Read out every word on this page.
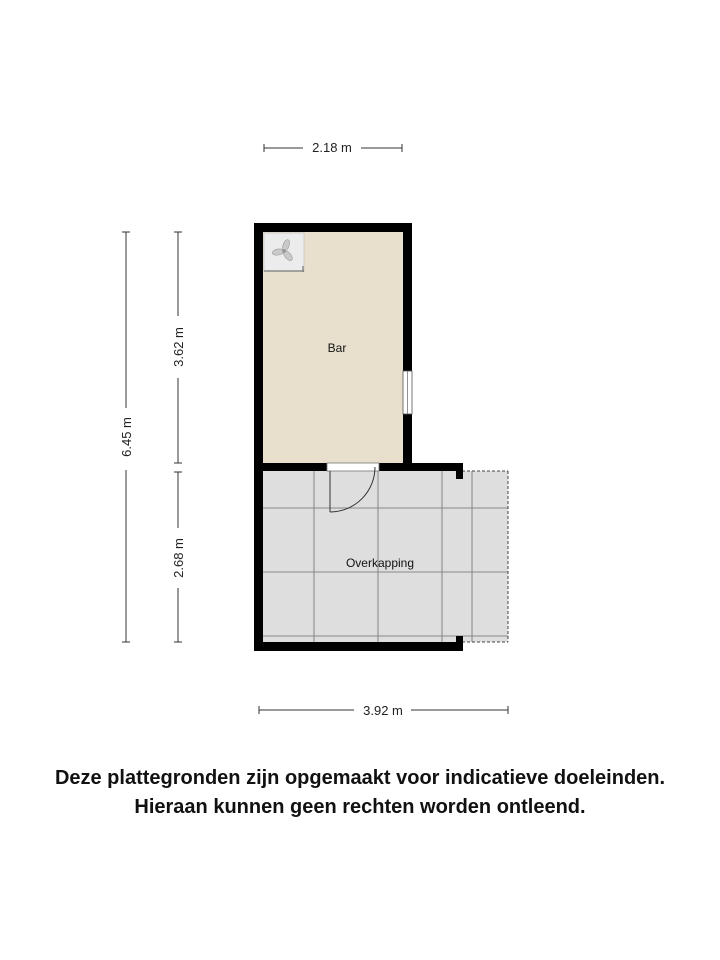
2.18 m
6.45 m
3.62 m
2.68 m
Bar
Overkapping
3.92 m
Deze plattegronden zijn opgemaakt voor indicatieve doeleinden.
Hieraan kunnen geen rechten worden ontleend.
